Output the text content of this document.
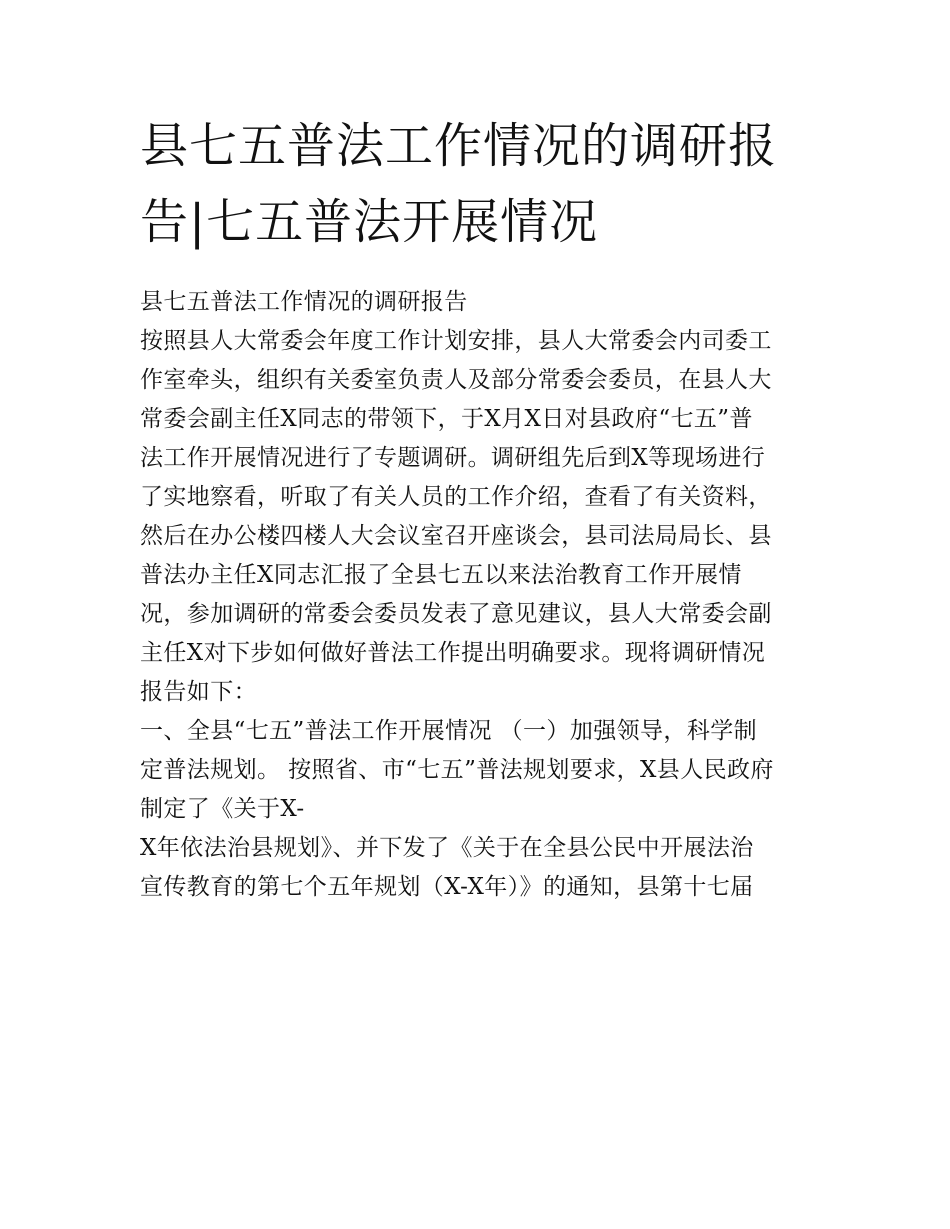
县七五普法工作情况的调研报
告|七五普法开展情况
县七五普法工作情况的调研报告
按照县人大常委会年度工作计划安排，县人大常委会内司委工
作室牵头，组织有关委室负责人及部分常委会委员，在县人大
常委会副主任X同志的带领下，于X月X日对县政府“七五”普
法工作开展情况进行了专题调研。调研组先后到X等现场进行
了实地察看，听取了有关人员的工作介绍，查看了有关资料，
然后在办公楼四楼人大会议室召开座谈会，县司法局局长、县
普法办主任X同志汇报了全县七五以来法治教育工作开展情
况，参加调研的常委会委员发表了意见建议，县人大常委会副
主任X对下步如何做好普法工作提出明确要求。现将调研情况
报告如下：
一、全县“七五”普法工作开展情况 （一）加强领导，科学制
定普法规划。 按照省、市“七五”普法规划要求，X县人民政府
制定了《关于X-
X年依法治县规划》、并下发了《关于在全县公民中开展法治
宣传教育的第七个五年规划（X-X年）》的通知，县第十七届
